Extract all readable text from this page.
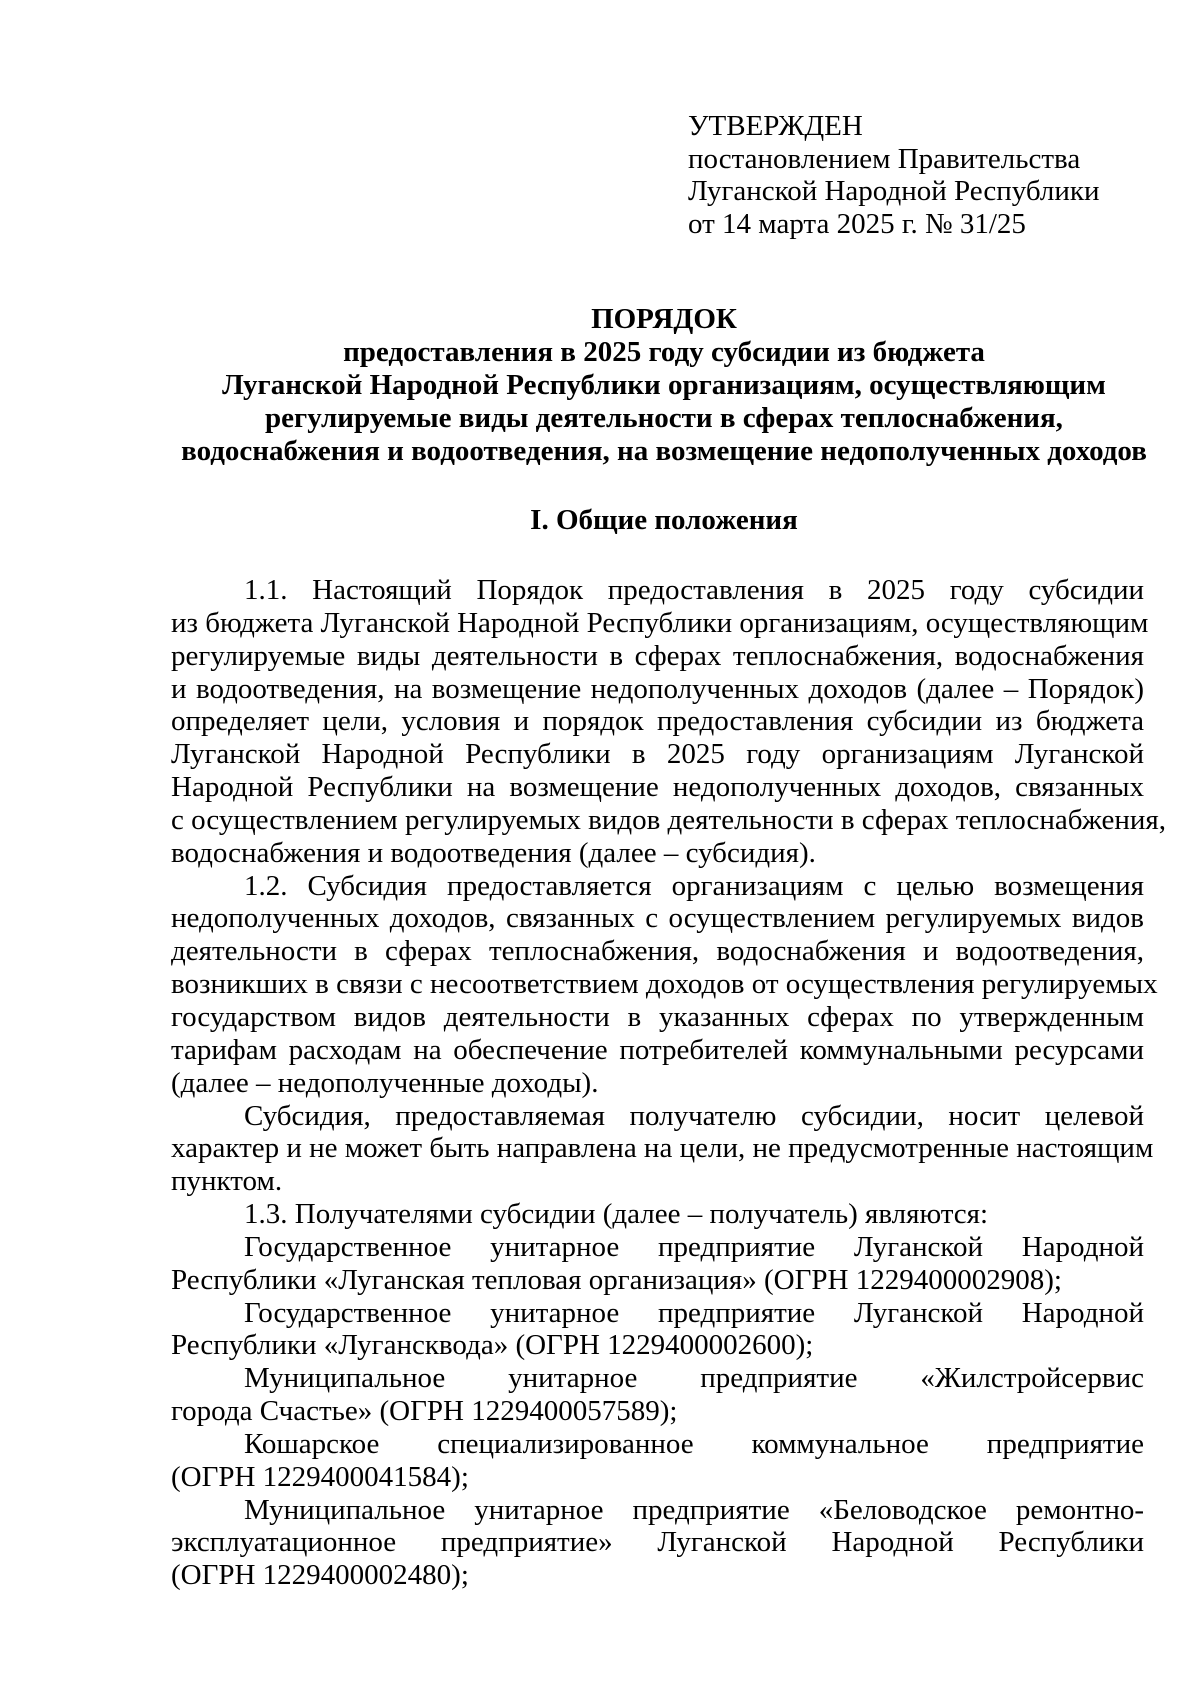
УТВЕРЖДЕН
постановлением Правительства
Луганской Народной Республики
от 14 марта 2025 г. № 31/25
ПОРЯДОК
предоставления в 2025 году субсидии из бюджета
Луганской Народной Республики организациям, осуществляющим
регулируемые виды деятельности в сферах теплоснабжения,
водоснабжения и водоотведения, на возмещение недополученных доходов
I. Общие положения
1.1. Настоящий Порядок предоставления в 2025 году субсидии
из бюджета Луганской Народной Республики организациям, осуществляющим
регулируемые виды деятельности в сферах теплоснабжения, водоснабжения
и водоотведения, на возмещение недополученных доходов (далее – Порядок)
определяет цели, условия и порядок предоставления субсидии из бюджета
Луганской Народной Республики в 2025 году организациям Луганской
Народной Республики на возмещение недополученных доходов, связанных
с осуществлением регулируемых видов деятельности в сферах теплоснабжения,
водоснабжения и водоотведения (далее – субсидия).
1.2. Субсидия предоставляется организациям с целью возмещения
недополученных доходов, связанных с осуществлением регулируемых видов
деятельности в сферах теплоснабжения, водоснабжения и водоотведения,
возникших в связи с несоответствием доходов от осуществления регулируемых
государством видов деятельности в указанных сферах по утвержденным
тарифам расходам на обеспечение потребителей коммунальными ресурсами
(далее – недополученные доходы).
Субсидия, предоставляемая получателю субсидии, носит целевой
характер и не может быть направлена на цели, не предусмотренные настоящим
пунктом.
1.3. Получателями субсидии (далее – получатель) являются:
Государственное унитарное предприятие Луганской Народной
Республики «Луганская тепловая организация» (ОГРН 1229400002908);
Государственное унитарное предприятие Луганской Народной
Республики «Лугансквода» (ОГРН 1229400002600);
Муниципальное унитарное предприятие «Жилстройсервис
города Счастье» (ОГРН 1229400057589);
Кошарское специализированное коммунальное предприятие
(ОГРН 1229400041584);
Муниципальное унитарное предприятие «Беловодское ремонтно-
эксплуатационное предприятие» Луганской Народной Республики
(ОГРН 1229400002480);
